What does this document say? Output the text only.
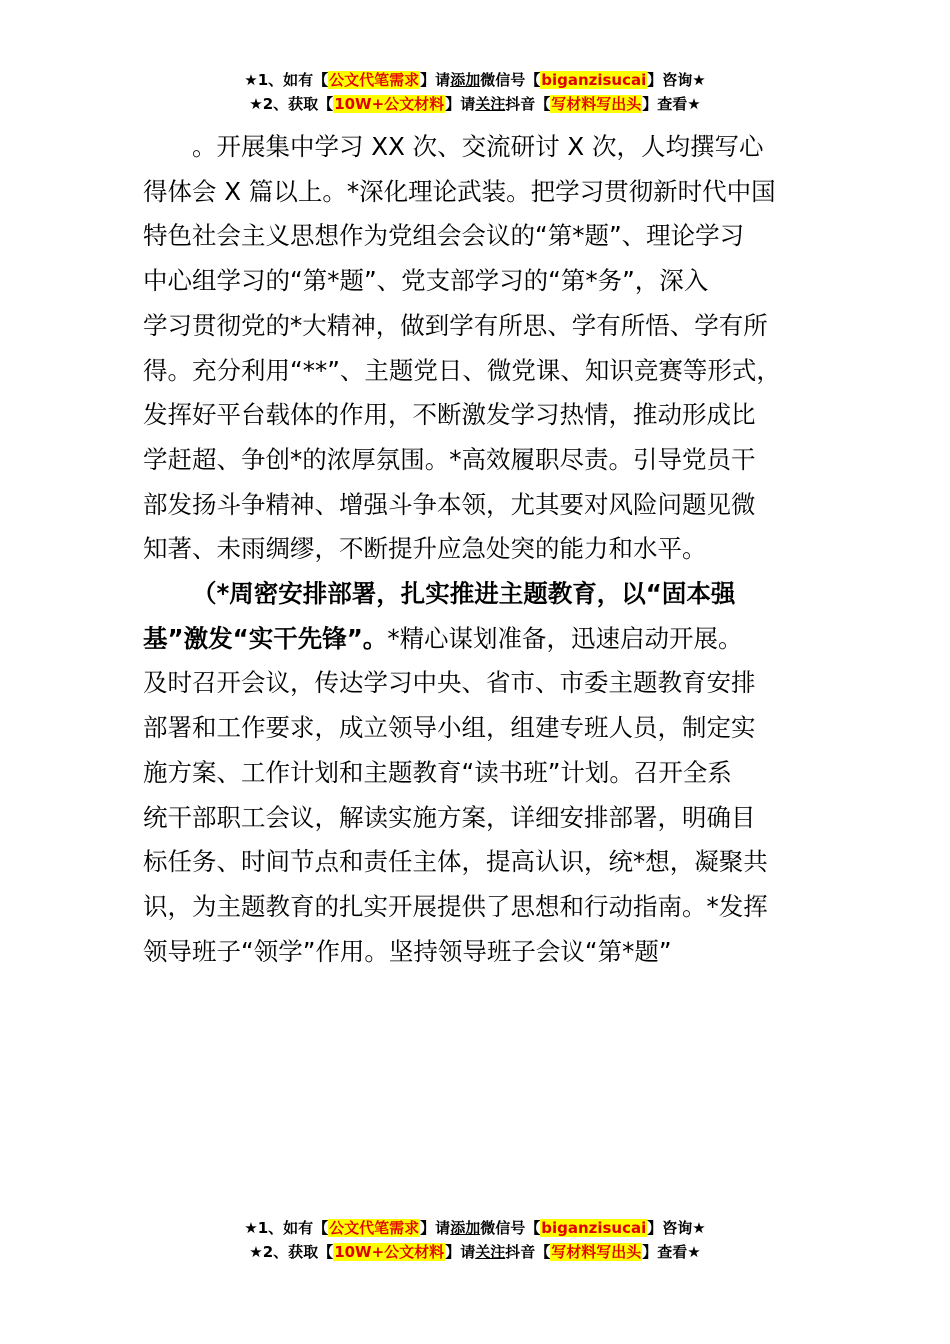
★1、如有【公文代笔需求】请添加微信号【biganzisucai】咨询★
★2、获取【10W+公文材料】请关注抖音【写材料写出头】查看★
。开展集中学习 XX 次、交流研讨 X 次，人均撰写心
得体会 X 篇以上。*深化理论武装。把学习贯彻新时代中国
特色社会主义思想作为党组会会议的“第*题”、理论学习
中心组学习的“第*题”、党支部学习的“第*务”，深入
学习贯彻党的*大精神，做到学有所思、学有所悟、学有所
得。充分利用“**”、主题党日、微党课、知识竞赛等形式，
发挥好平台载体的作用，不断激发学习热情，推动形成比
学赶超、争创*的浓厚氛围。*高效履职尽责。引导党员干
部发扬斗争精神、增强斗争本领，尤其要对风险问题见微
知著、未雨绸缪，不断提升应急处突的能力和水平。
（*周密安排部署，扎实推进主题教育，以“固本强
基”激发“实干先锋”。*精心谋划准备，迅速启动开展。
及时召开会议，传达学习中央、省市、市委主题教育安排
部署和工作要求，成立领导小组，组建专班人员，制定实
施方案、工作计划和主题教育“读书班”计划。召开全系
统干部职工会议，解读实施方案，详细安排部署，明确目
标任务、时间节点和责任主体，提高认识，统*想，凝聚共
识，为主题教育的扎实开展提供了思想和行动指南。*发挥
领导班子“领学”作用。坚持领导班子会议“第*题”
★1、如有【公文代笔需求】请添加微信号【biganzisucai】咨询★
★2、获取【10W+公文材料】请关注抖音【写材料写出头】查看★
